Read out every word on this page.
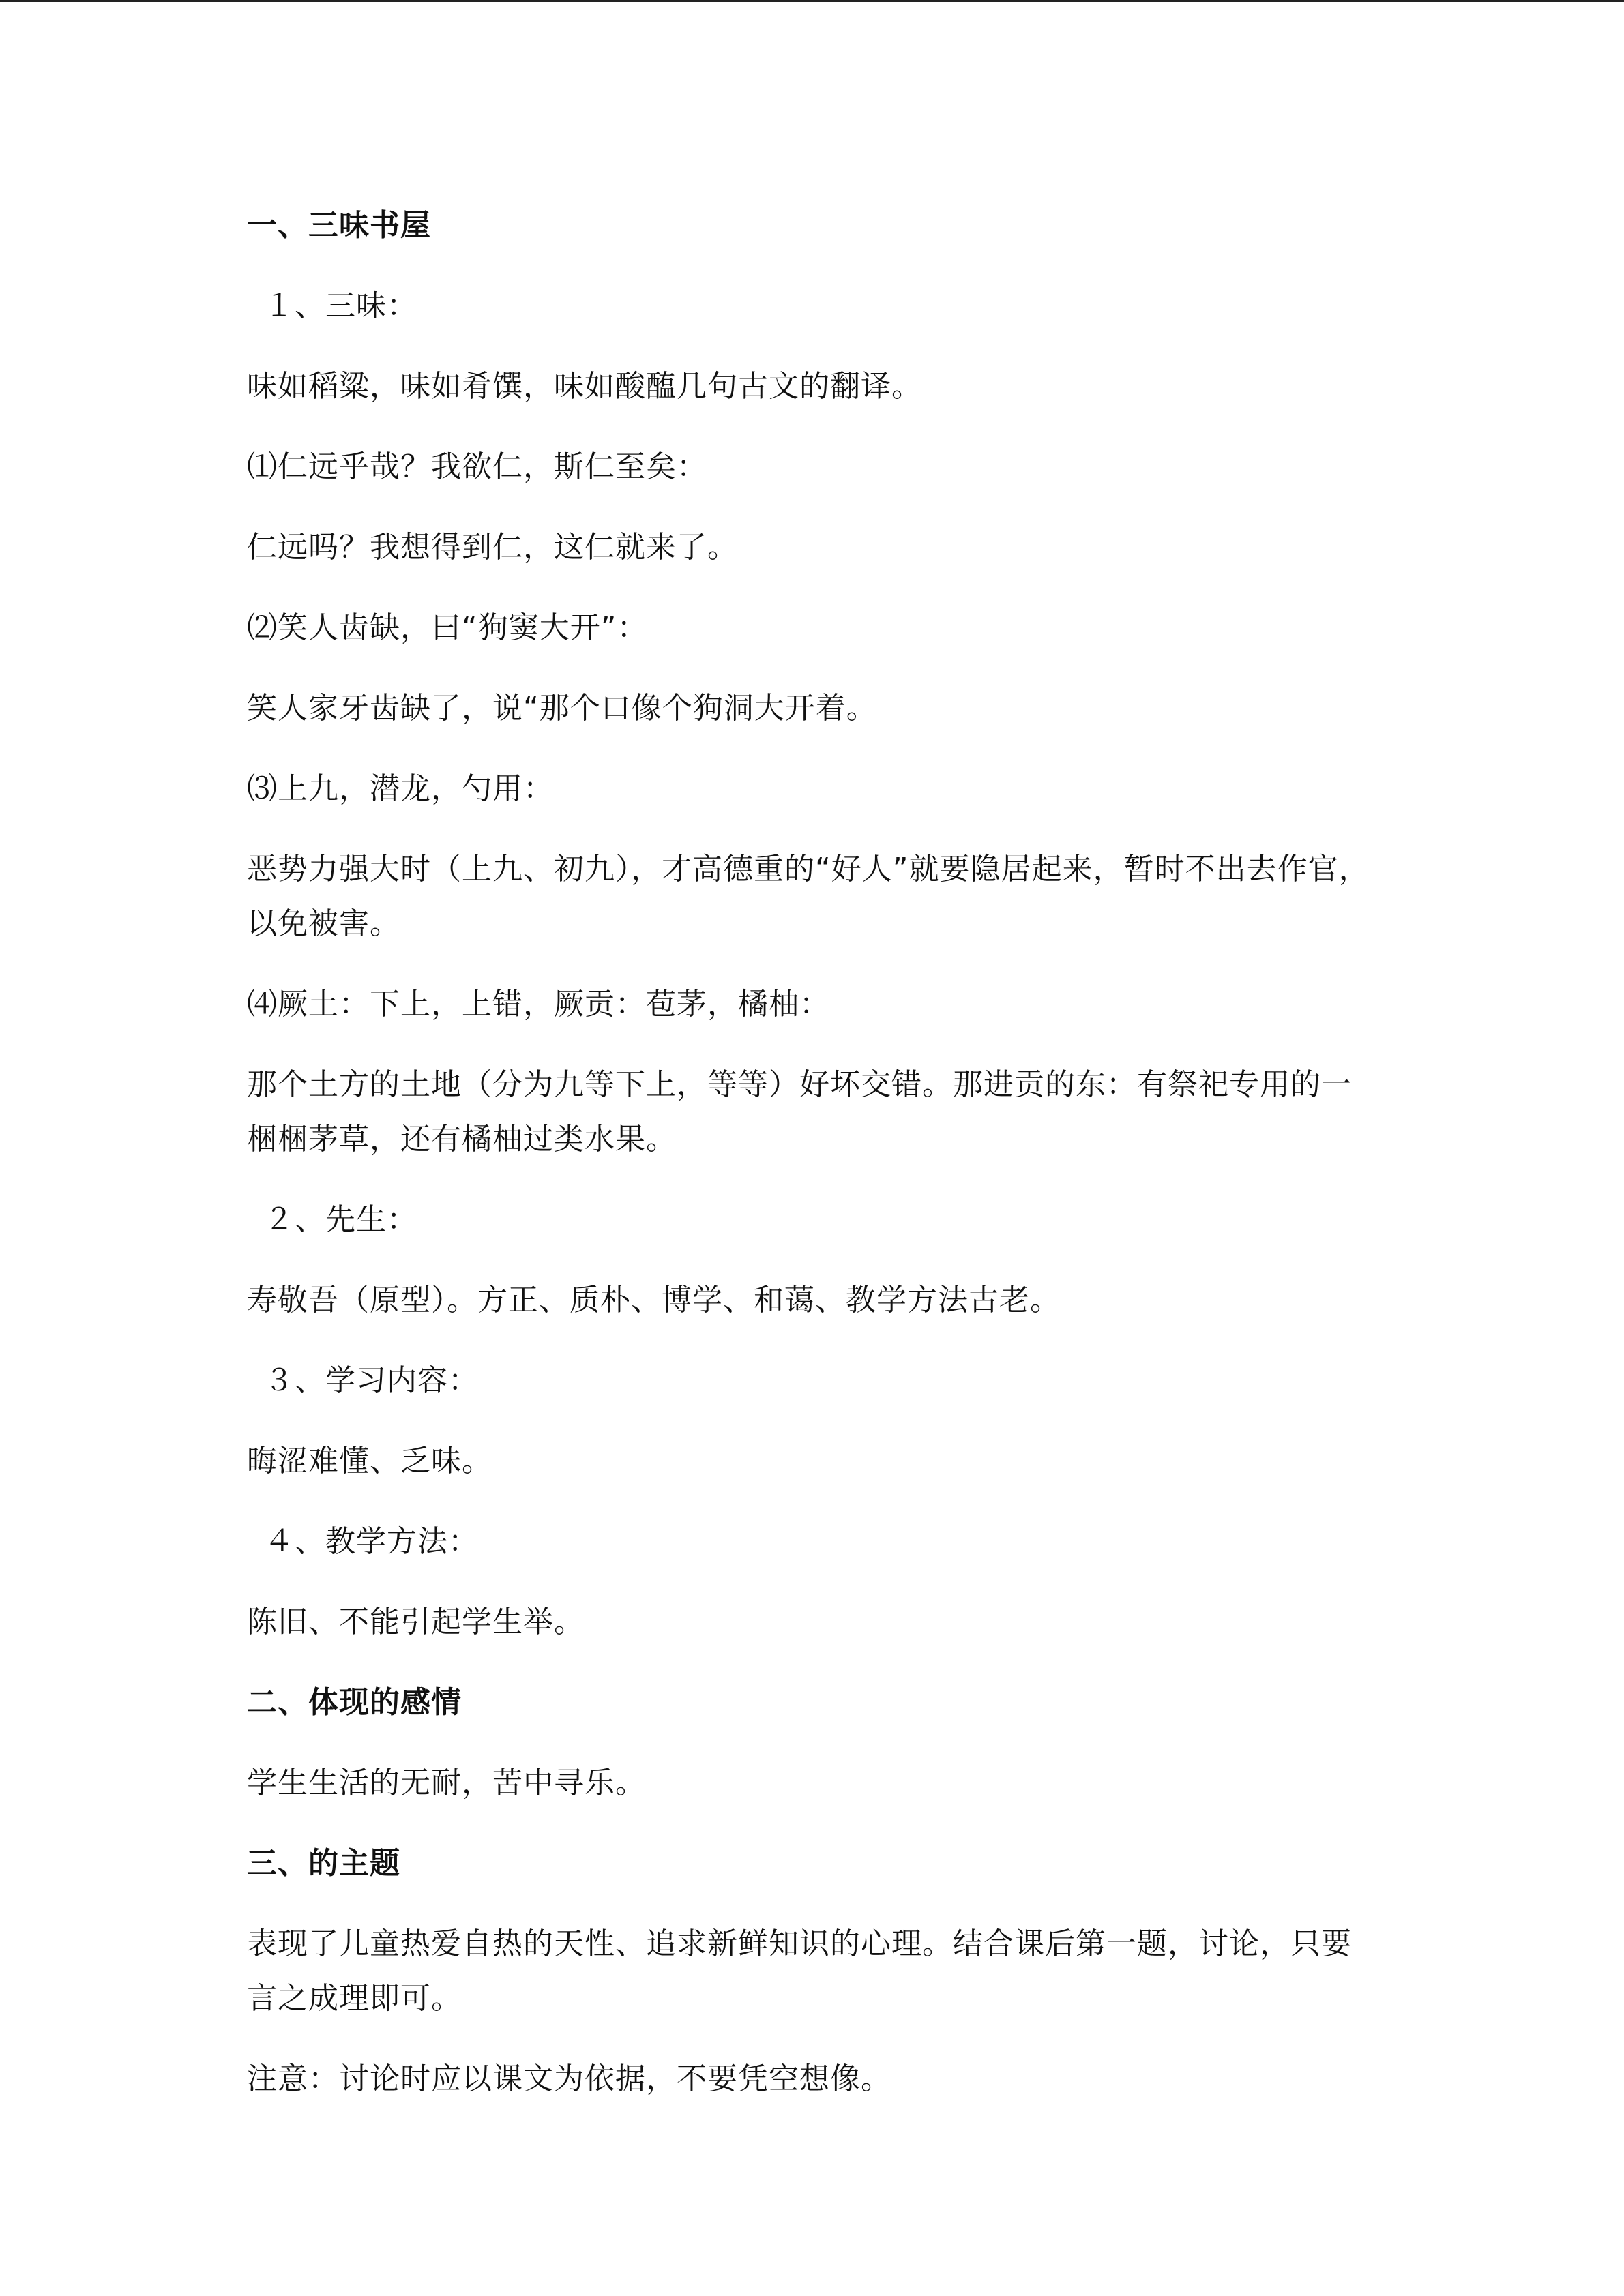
一、三味书屋
１、三味：
味如稻粱，味如肴馔，味如酸醢几句古文的翻译。
⑴仁远乎哉？我欲仁，斯仁至矣：
仁远吗？我想得到仁，这仁就来了。
⑵笑人齿缺，曰“狗窦大开”：
笑人家牙齿缺了，说“那个口像个狗洞大开着。
⑶上九，潜龙，勺用：
恶势力强大时（上九、初九），才高德重的“好人”就要隐居起来，暂时不出去作官，以免被害。
⑷厥土：下上，上错，厥贡：苞茅，橘柚：
那个土方的土地（分为九等下上，等等）好坏交错。那进贡的东：有祭祀专用的一梱梱茅草，还有橘柚过类水果。
２、先生：
寿敬吾（原型）。方正、质朴、博学、和蔼、教学方法古老。
３、学习内容：
晦涩难懂、乏味。
４、教学方法：
陈旧、不能引起学生举。
二、体现的感情
学生生活的无耐，苦中寻乐。
三、的主题
表现了儿童热爱自热的天性、追求新鲜知识的心理。结合课后第一题，讨论，只要言之成理即可。
注意：讨论时应以课文为依据，不要凭空想像。
